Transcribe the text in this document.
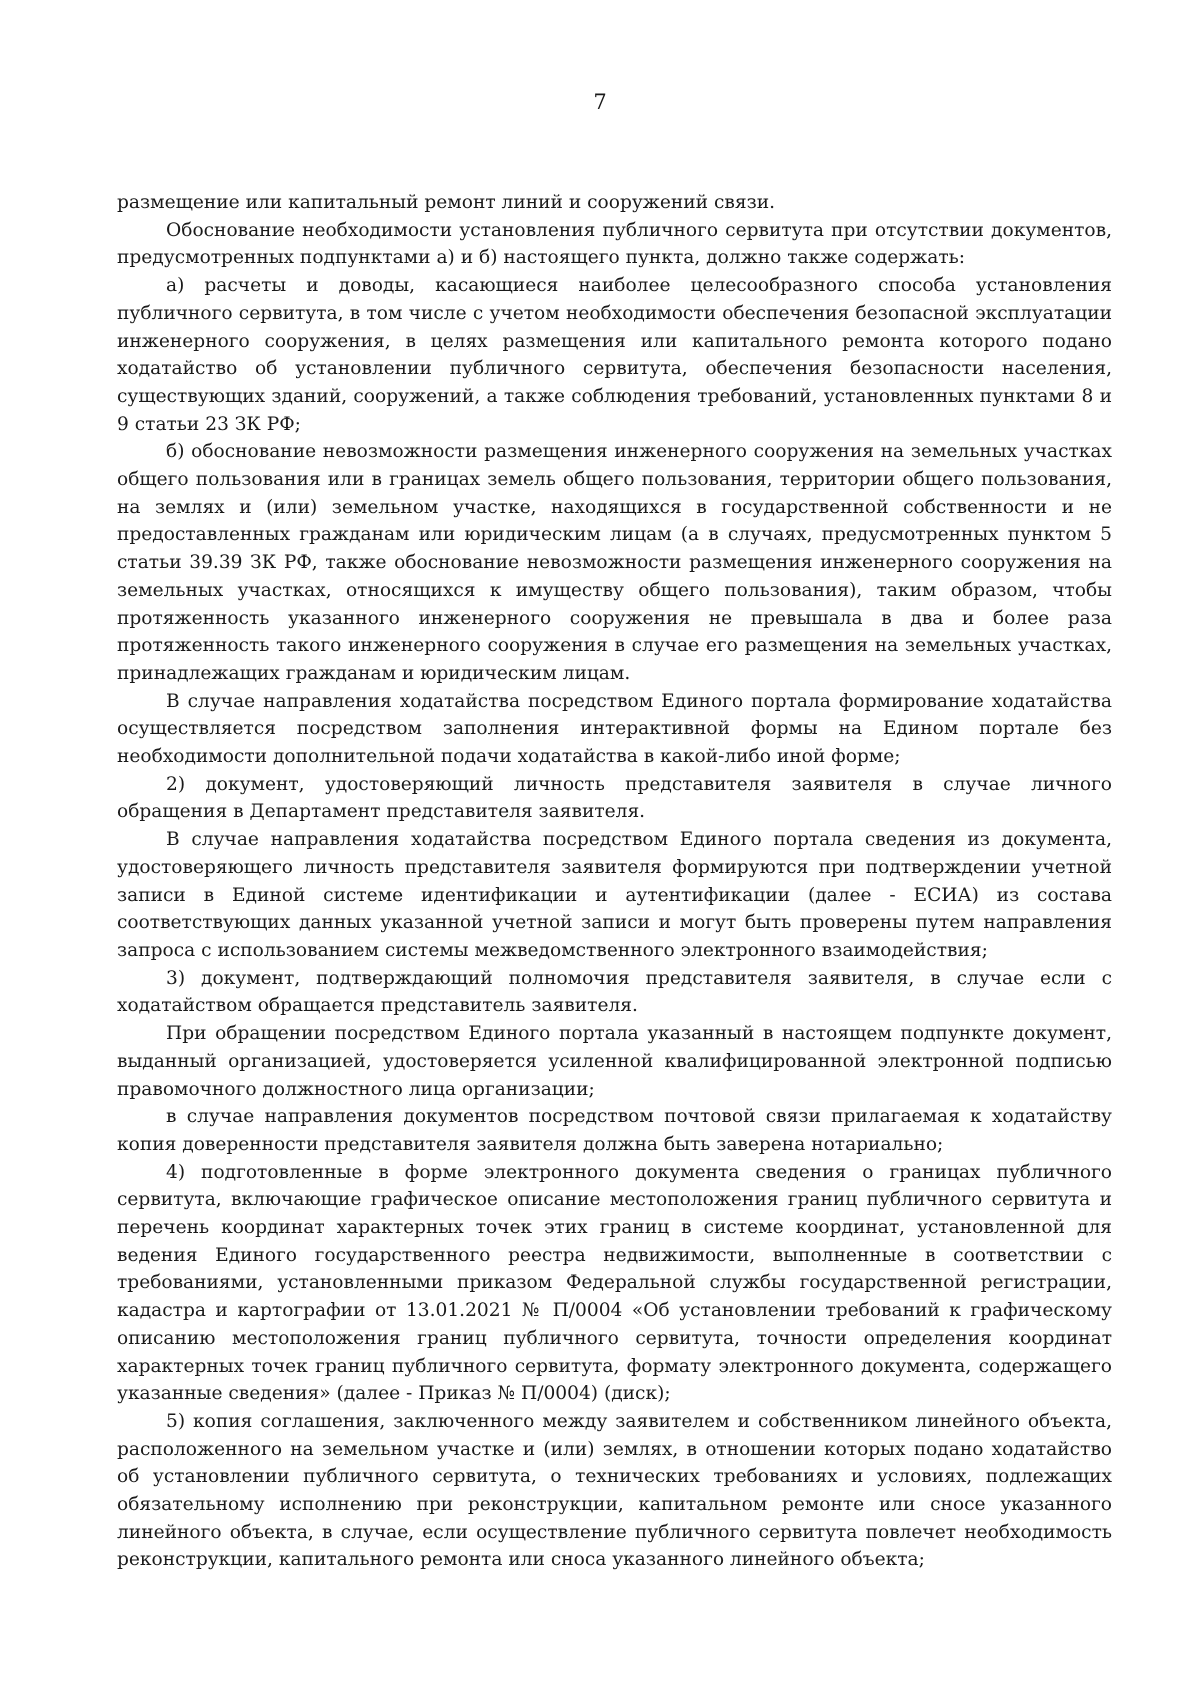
7

размещение или капитальный ремонт линий и сооружений связи.

Обоснование необходимости установления публичного сервитута при отсутствии документов, предусмотренных подпунктами а) и б) настоящего пункта, должно также содержать:

а) расчеты и доводы, касающиеся наиболее целесообразного способа установления публичного сервитута, в том числе с учетом необходимости обеспечения безопасной эксплуатации инженерного сооружения, в целях размещения или капитального ремонта которого подано ходатайство об установлении публичного сервитута, обеспечения безопасности населения, существующих зданий, сооружений, а также соблюдения требований, установленных пунктами 8 и 9 статьи 23 ЗК РФ;

б) обоснование невозможности размещения инженерного сооружения на земельных участках общего пользования или в границах земель общего пользования, территории общего пользования, на землях и (или) земельном участке, находящихся в государственной собственности и не предоставленных гражданам или юридическим лицам (а в случаях, предусмотренных пунктом 5 статьи 39.39 ЗК РФ, также обоснование невозможности размещения инженерного сооружения на земельных участках, относящихся к имуществу общего пользования), таким образом, чтобы протяженность указанного инженерного сооружения не превышала в два и более раза протяженность такого инженерного сооружения в случае его размещения на земельных участках, принадлежащих гражданам и юридическим лицам.

В случае направления ходатайства посредством Единого портала формирование ходатайства осуществляется посредством заполнения интерактивной формы на Едином портале без необходимости дополнительной подачи ходатайства в какой-либо иной форме;

2) документ, удостоверяющий личность представителя заявителя в случае личного обращения в Департамент представителя заявителя.

В случае направления ходатайства посредством Единого портала сведения из документа, удостоверяющего личность представителя заявителя формируются при подтверждении учетной записи в Единой системе идентификации и аутентификации (далее - ЕСИА) из состава соответствующих данных указанной учетной записи и могут быть проверены путем направления запроса с использованием системы межведомственного электронного взаимодействия;

3) документ, подтверждающий полномочия представителя заявителя, в случае если с ходатайством обращается представитель заявителя.

При обращении посредством Единого портала указанный в настоящем подпункте документ, выданный организацией, удостоверяется усиленной квалифицированной электронной подписью правомочного должностного лица организации;

в случае направления документов посредством почтовой связи прилагаемая к ходатайству копия доверенности представителя заявителя должна быть заверена нотариально;

4) подготовленные в форме электронного документа сведения о границах публичного сервитута, включающие графическое описание местоположения границ публичного сервитута и перечень координат характерных точек этих границ в системе координат, установленной для ведения Единого государственного реестра недвижимости, выполненные в соответствии с требованиями, установленными приказом Федеральной службы государственной регистрации, кадастра и картографии от 13.01.2021 № П/0004 «Об установлении требований к графическому описанию местоположения границ публичного сервитута, точности определения координат характерных точек границ публичного сервитута, формату электронного документа, содержащего указанные сведения» (далее - Приказ № П/0004) (диск);

5) копия соглашения, заключенного между заявителем и собственником линейного объекта, расположенного на земельном участке и (или) землях, в отношении которых подано ходатайство об установлении публичного сервитута, о технических требованиях и условиях, подлежащих обязательному исполнению при реконструкции, капитальном ремонте или сносе указанного линейного объекта, в случае, если осуществление публичного сервитута повлечет необходимость реконструкции, капитального ремонта или сноса указанного линейного объекта;
